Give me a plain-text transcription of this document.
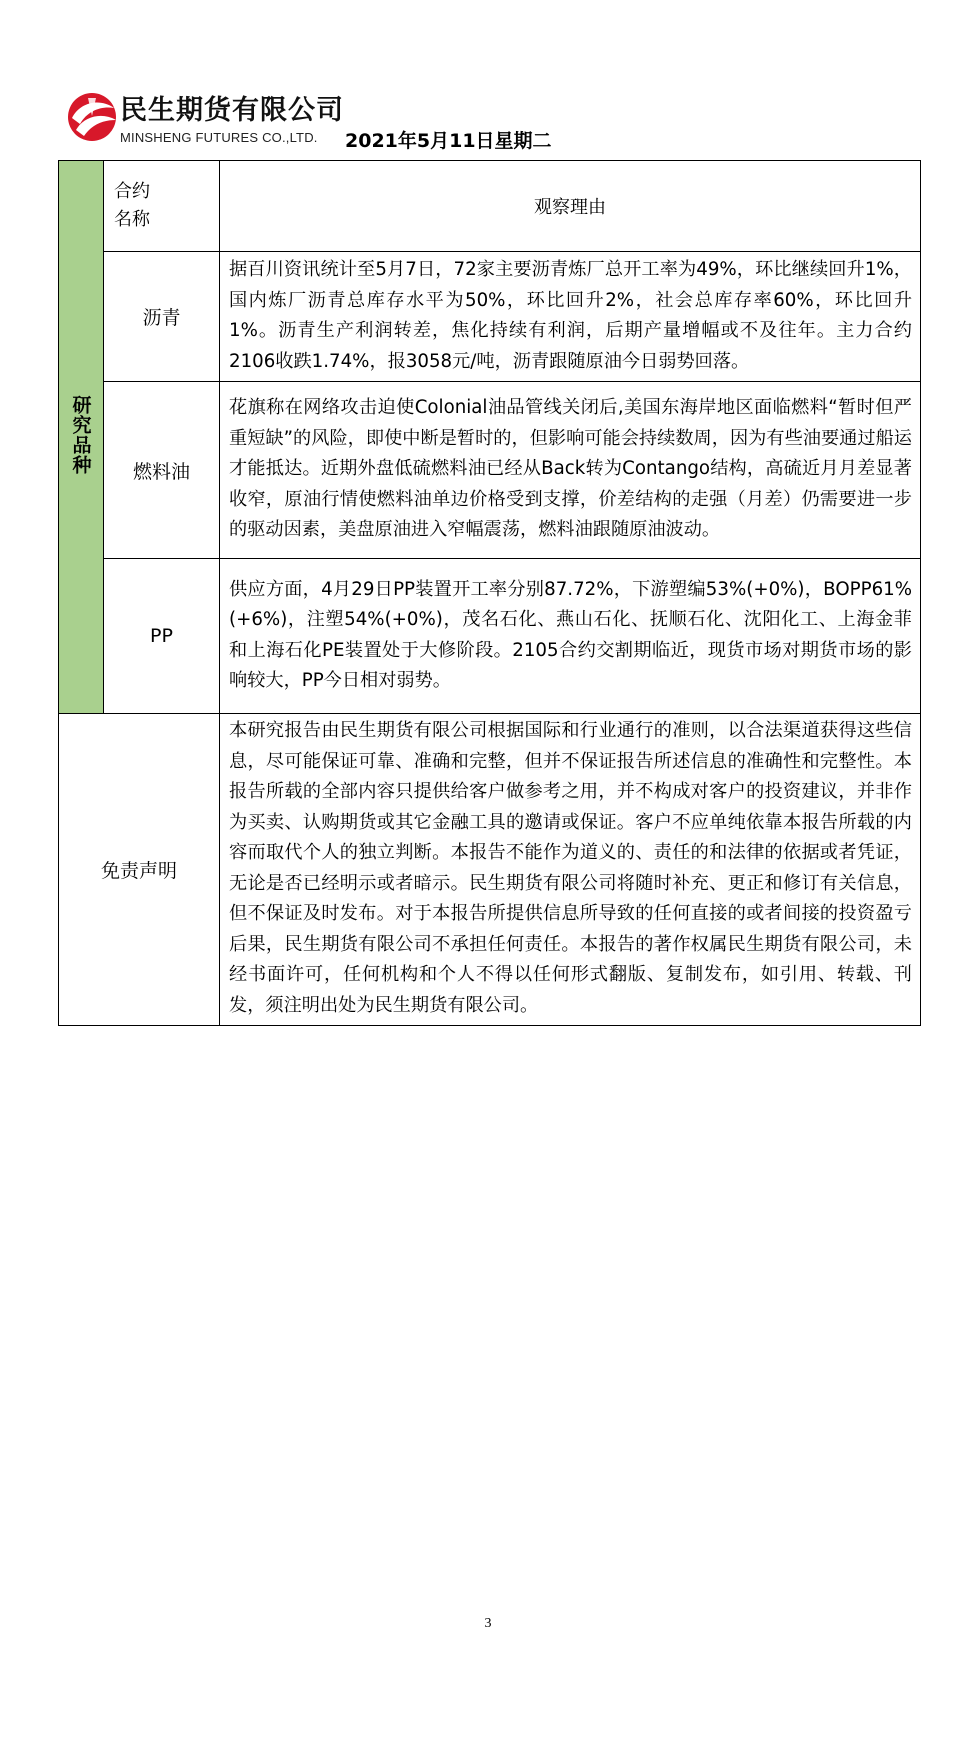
民生期货有限公司
MINSHENG FUTURES CO.,LTD. 2021年5月11日星期二
研究品种	合约
名称	观察理由
	沥青	据百川资讯统计至5月7日，72家主要沥青炼厂总开工率为49%，环比继续回升1%，国内炼厂沥青总库存水平为50%，环比回升2%，社会总库存率60%，环比回升1%。沥青生产利润转差，焦化持续有利润，后期产量增幅或不及往年。主力合约2106收跌1.74%，报3058元/吨，沥青跟随原油今日弱势回落。
	燃料油	花旗称在网络攻击迫使Colonial油品管线关闭后,美国东海岸地区面临燃料“暂时但严重短缺”的风险，即使中断是暂时的，但影响可能会持续数周，因为有些油要通过船运才能抵达。近期外盘低硫燃料油已经从Back转为Contango结构，高硫近月月差显著收窄，原油行情使燃料油单边价格受到支撑，价差结构的走强（月差）仍需要进一步的驱动因素，美盘原油进入窄幅震荡，燃料油跟随原油波动。
	PP	供应方面，4月29日PP装置开工率分别87.72%，下游塑编53%(+0%)，BOPP61%(+6%)，注塑54%(+0%)，茂名石化、燕山石化、抚顺石化、沈阳化工、上海金菲和上海石化PE装置处于大修阶段。2105合约交割期临近，现货市场对期货市场的影响较大，PP今日相对弱势。
免责声明		本研究报告由民生期货有限公司根据国际和行业通行的准则，以合法渠道获得这些信息，尽可能保证可靠、准确和完整，但并不保证报告所述信息的准确性和完整性。本报告所载的全部内容只提供给客户做参考之用，并不构成对客户的投资建议，并非作为买卖、认购期货或其它金融工具的邀请或保证。客户不应单纯依靠本报告所载的内容而取代个人的独立判断。本报告不能作为道义的、责任的和法律的依据或者凭证，无论是否已经明示或者暗示。民生期货有限公司将随时补充、更正和修订有关信息，但不保证及时发布。对于本报告所提供信息所导致的任何直接的或者间接的投资盈亏后果，民生期货有限公司不承担任何责任。本报告的著作权属民生期货有限公司，未经书面许可，任何机构和个人不得以任何形式翻版、复制发布，如引用、转载、刊发，须注明出处为民生期货有限公司。
3
